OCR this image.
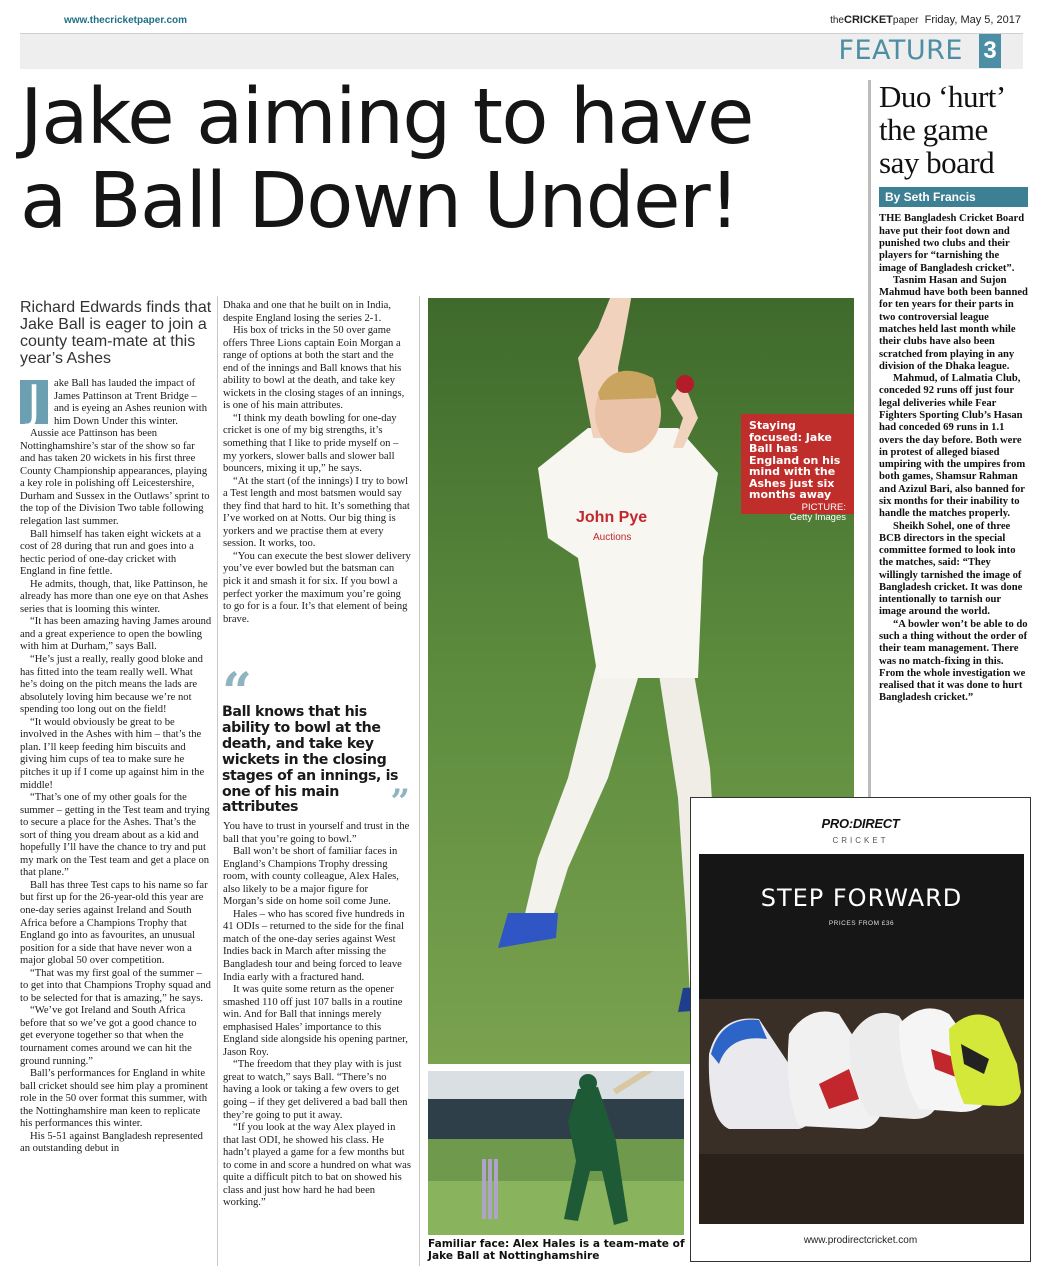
www.thecricketpaper.com	theCRICKETpaper Friday, May 5, 2017
FEATURE 3
Jake aiming to have
a Ball Down Under!
Richard Edwards finds that Jake Ball is eager to join a county team-mate at this year’s Ashes
J	ake Ball has lauded the impact of James Pattinson at Trent Bridge – and is eyeing an Ashes reunion with him Down Under this winter.

Aussie ace Pattinson has been Nottinghamshire’s star of the show so far and has taken 20 wickets in his first three County Championship appearances, playing a key role in polishing off Leicestershire, Durham and Sussex in the Outlaws’ sprint to the top of the Division Two table following relegation last summer.

Ball himself has taken eight wickets at a cost of 28 during that run and goes into a hectic period of one-day cricket with England in fine fettle.

He admits, though, that, like Pattinson, he already has more than one eye on that Ashes series that is looming this winter.

“It has been amazing having James around and a great experience to open the bowling with him at Durham,” says Ball.

“He’s just a really, really good bloke and has fitted into the team really well. What he’s doing on the pitch means the lads are absolutely loving him because we’re not spending too long out on the field!

“It would obviously be great to be involved in the Ashes with him – that’s the plan. I’ll keep feeding him biscuits and giving him cups of tea to make sure he pitches it up if I come up against him in the middle!

“That’s one of my other goals for the summer – getting in the Test team and trying to secure a place for the Ashes. That’s the sort of thing you dream about as a kid and hopefully I’ll have the chance to try and put my mark on the Test team and get a place on that plane.”

Ball has three Test caps to his name so far but first up for the 26-year-old this year are one-day series against Ireland and South Africa before a Champions Trophy that England go into as favourites, an unusual position for a side that have never won a major global 50 over competition.

“That was my first goal of the summer – to get into that Champions Trophy squad and to be selected for that is amazing,” he says.

“We’ve got Ireland and South Africa before that so we’ve got a good chance to get everyone together so that when the tournament comes around we can hit the ground running.”

Ball’s performances for England in white ball cricket should see him play a prominent role in the 50 over format this summer, with the Nottinghamshire man keen to replicate his performances this winter.

His 5-51 against Bangladesh represented an outstanding debut in

Dhaka and one that he built on in India, despite England losing the series 2-1.

His box of tricks in the 50 over game offers Three Lions captain Eoin Morgan a range of options at both the start and the end of the innings and Ball knows that his ability to bowl at the death, and take key wickets in the closing stages of an innings, is one of his main attributes.

“I think my death bowling for one-day cricket is one of my big strengths, it’s something that I like to pride myself on – my yorkers, slower balls and slower ball bouncers, mixing it up,” he says.

“At the start (of the innings) I try to bowl a Test length and most batsmen would say they find that hard to hit. It’s something that I’ve worked on at Notts. Our big thing is yorkers and we practise them at every session. It works, too.

“You can execute the best slower delivery you’ve ever bowled but the batsman can pick it and smash it for six. If you bowl a perfect yorker the maximum you’re going to go for is a four. It’s that element of being brave.

“
Ball knows that his ability to bowl at the death, and take key wickets in the closing stages of an innings, is one of his main attributes	”

You have to trust in yourself and trust in the ball that you’re going to bowl.”

Ball won’t be short of familiar faces in England’s Champions Trophy dressing room, with county colleague, Alex Hales, also likely to be a major figure for Morgan’s side on home soil come June.

Hales – who has scored five hundreds in 41 ODIs – returned to the side for the final match of the one-day series against West Indies back in March after missing the Bangladesh tour and being forced to leave India early with a fractured hand.

It was quite some return as the opener smashed 110 off just 107 balls in a routine win. And for Ball that innings merely emphasised Hales’ importance to this England side alongside his opening partner, Jason Roy.

“The freedom that they play with is just great to watch,” says Ball. “There’s no having a look or taking a few overs to get going – if they get delivered a bad ball then they’re going to put it away.

“If you look at the way Alex played in that last ODI, he showed his class. He hadn’t played a game for a few months but to come in and score a hundred on what was quite a difficult pitch to bat on showed his class and just how hard he had been working.”

John Pye
Auctions
Staying focused: Jake Ball has England on his mind with the Ashes just six months away
PICTURE:
Getty Images
Familiar face: Alex Hales is a team-mate of Jake Ball at Nottinghamshire
Duo ‘hurt’ the game say board
By Seth Francis

THE Bangladesh Cricket Board have put their foot down and punished two clubs and their players for “tarnishing the image of Bangladesh cricket”.

Tasnim Hasan and Sujon Mahmud have both been banned for ten years for their parts in two controversial league matches held last month while their clubs have also been scratched from playing in any division of the Dhaka league.

Mahmud, of Lalmatia Club, conceded 92 runs off just four legal deliveries while Fear Fighters Sporting Club’s Hasan had conceded 69 runs in 1.1 overs the day before. Both were in protest of alleged biased umpiring with the umpires from both games, Shamsur Rahman and Azizul Bari, also banned for six months for their inability to handle the matches properly.

Sheikh Sohel, one of three BCB directors in the special committee formed to look into the matches, said: “They willingly tarnished the image of Bangladesh cricket. It was done intentionally to tarnish our image around the world.

“A bowler won’t be able to do such a thing without the order of their team management. There was no match-fixing in this. From the whole investigation we realised that it was done to hurt Bangladesh cricket.”

PRO:DIRECT
CRICKET
STEP FORWARD
PRICES FROM £36
www.prodirectcricket.com
